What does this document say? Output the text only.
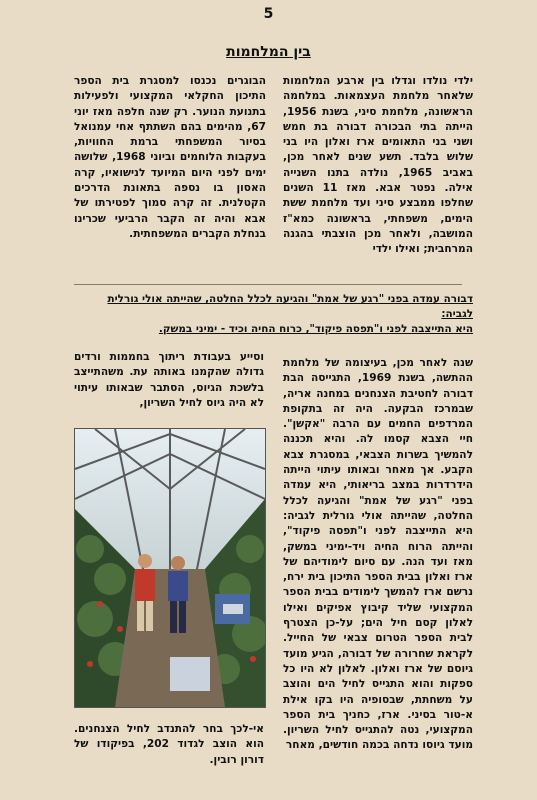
5
בין המלחמות

ילדי נולדו וגדלו בין ארבע המלחמות שלאחר מלחמת העצמאות. במלחמה הראשונה, מלחמת סיני, בשנת 1956, הייתה בתי הבכורה דבורה בת חמש ושני בני התאומים ארז ואלון היו בני שלוש בלבד. תשע שנים לאחר מכן, באביב 1965, נולדה בתנו השנייה אילה. נפטר אבא. מאז 11 השנים שחלפו ממבצע סיני ועד מלחמת ששת הימים, משפחתי, בראשונה כמא"ז המושבה, ולאחר מכן הוצבתי בהגנה המרחבית; ואילו ילדי

הבוגרים נכנסו למסגרת בית הספר התיכון החקלאי המקצועי ולפעילות בתנועת הנוער. רק שנה חלפה מאז יוני 67, מהימים בהם השתתף אחי עמנואל בסיור המשפחתי ברמת החוויות, בעקבות הלוחמים וביוני 1968, שלושה ימים לפני היום המיועד לנישואיו, קרה האסון בו נספה בתאונת הדרכים הקטלנית. זה קרה סמוך לפטירתו של אבא והיה זה הקבר הרביעי שכרינו בנחלת הקברים המשפחתית.

דבורה עמדה בפני "רגע של אמת" והגיעה לכלל החלטה, שהייתה אולי גורלית לגביה:

היא התייצבה לפני ו"תפסה פיקוד", כרוח החיה וכיד - ימיני במשק.

שנה לאחר מכן, בעיצומה של מלחמת ההתשה, בשנת 1969, התגייסה הבת דבורה לחטיבת הצנחנים במחנה אריה, שבמרכז הבקעה. היה זה בתקופת המרדפים החמים עם הרבה "אקשן". חיי הצבא קסמו לה. והיא תכננה להמשיך בשרות הצבאי, במסגרת צבא הקבע. אך מאחר ובאותו עיתוי הייתה הידרדרות במצב בריאותי, היא עמדה בפני "רגע של אמת" והגיעה לכלל החלטה, שהייתה אולי גורלית לגביה: היא התייצבה לפני ו"תפסה פיקוד", והייתה הרוח החיה ויד-ימיני במשק, מאז ועד הנה. עם סיום לימודיהם של ארז ואלון בבית הספר התיכון בית ירח, נרשם ארז להמשך לימודים בבית הספר המקצועי שליד קיבוץ אפיקים ואילו לאלון קסם חיל הים; על-כן הצטרף לבית הספר הטרום צבאי של החייל. לקראת שחרורה של דבורה, הגיע מועד גיוסם של ארז ואלון. לאלון לא היו כל ספקות והוא התגייס לחיל הים והוצב על משחתת, שבסופיה היו בקו אילת א-טור בסיני. ארז, כחניך בית הספר המקצועי, נטה להתגייס לחיל השריון. מועד גיוסו נדחה בכמה חודשים, מאחר

וסייע בעבודת ריתוך בחממות ורדים גדולה שהקמנו באותה עת. משהתייצב בלשכת הגיוס, הסתבר שבאותו עיתוי לא היה גיוס לחיל השריון,

אי-לכך בחר להתנדב לחיל הצנחנים. הוא הוצב לגדוד 202, בפיקודו של דורון רובין.
